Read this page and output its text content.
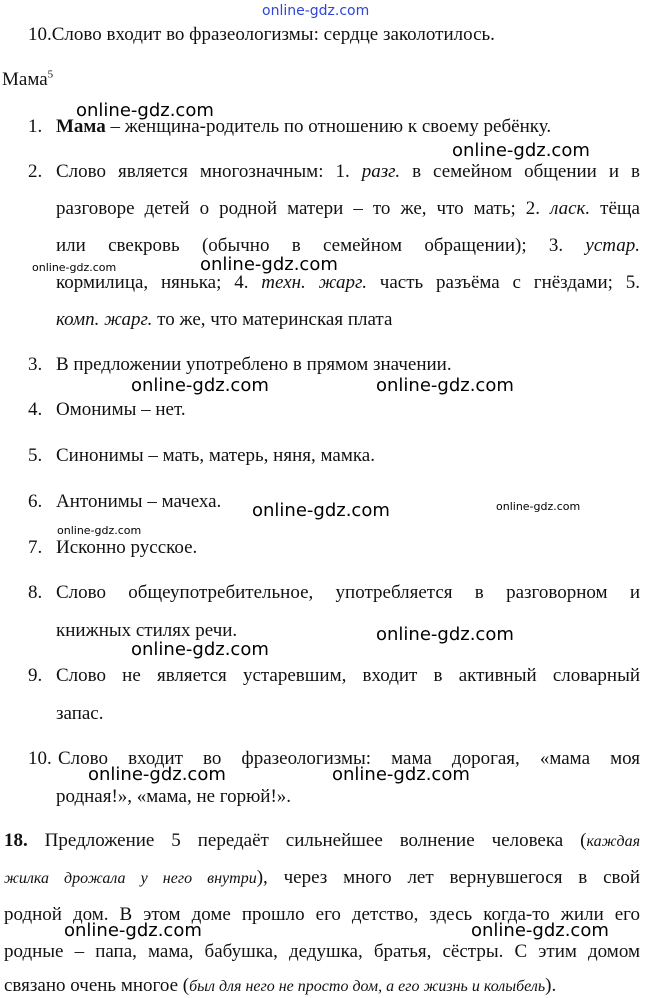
online-gdz.com
online-gdz.com
online-gdz.com
online-gdz.com	online-gdz.com
online-gdz.com	online-gdz.com
online-gdz.com	online-gdz.com
online-gdz.com
online-gdz.com
online-gdz.com
online-gdz.com	online-gdz.com
online-gdz.com	online-gdz.com
10.Слово входит во фразеологизмы: сердце заколотилось.
Мама$^5$
1. Мама – женщина-родитель по отношению к своему ребёнку.
2. Слово является многозначным: 1. разг. в семейном общении и в
разговоре детей о родной матери – то же, что мать; 2. ласк. тёща
или свекровь (обычно в семейном обращении); 3. устар.
кормилица, нянька; 4. техн. жарг. часть разъёма с гнёздами; 5.
комп. жарг. то же, что материнская плата
3. В предложении употреблено в прямом значении.
4. Омонимы – нет.
5. Синонимы – мать, матерь, няня, мамка.
6. Антонимы – мачеха.
7. Исконно русское.
8. Слово общеупотребительное, употребляется в разговорном и
книжных стилях речи.
9. Слово не является устаревшим, входит в активный словарный
запас.
10. Слово входит во фразеологизмы: мама дорогая, «мама моя
родная!», «мама, не горюй!».
18. Предложение 5 передаёт сильнейшее волнение человека (каждая
жилка дрожала у него внутри), через много лет вернувшегося в свой
родной дом. В этом доме прошло его детство, здесь когда-то жили его
родные – папа, мама, бабушка, дедушка, братья, сёстры. С этим домом
связано очень многое (был для него не просто дом, а его жизнь и колыбель).
